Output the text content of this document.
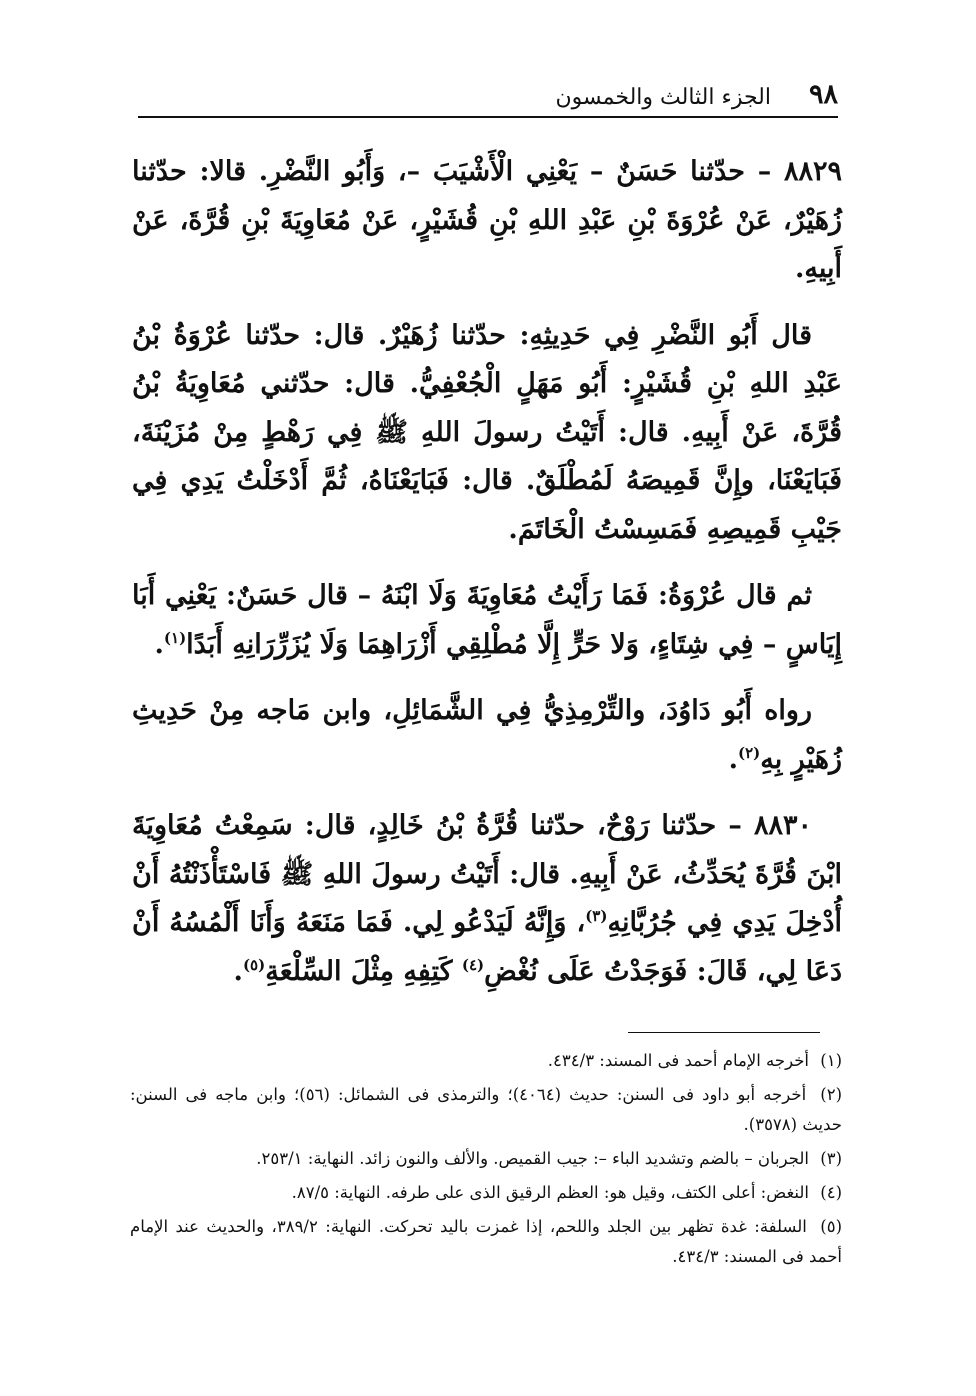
٩٨
الجزء الثالث والخمسون

٨٨٢٩ – حدّثنا حَسَنٌ – يَعْنِي الْأَشْيَبَ –، وَأَبُو النَّضْرِ. قالا: حدّثنا زُهَيْرٌ، عَنْ عُرْوَةَ بْنِ عَبْدِ اللهِ بْنِ قُشَيْرٍ، عَنْ مُعَاوِيَةَ بْنِ قُرَّةَ، عَنْ أَبِيهِ.

قال أَبُو النَّضْرِ فِي حَدِيثِهِ: حدّثنا زُهَيْرٌ. قال: حدّثنا عُرْوَةُ بْنُ عَبْدِ اللهِ بْنِ قُشَيْرٍ: أَبُو مَهَلٍ الْجُعْفِيُّ. قال: حدّثني مُعَاوِيَةُ بْنُ قُرَّةَ، عَنْ أَبِيهِ. قال: أَتَيْتُ رسولَ اللهِ ﷺ فِي رَهْطٍ مِنْ مُزَيْنَةَ، فَبَايَعْنَا، وإِنَّ قَمِيصَهُ لَمُطْلَقٌ. قال: فَبَايَعْنَاهُ، ثُمَّ أَدْخَلْتُ يَدِي فِي جَيْبِ قَمِيصِهِ فَمَسِسْتُ الْخَاتَمَ.

ثم قال عُرْوَةُ: فَمَا رَأَيْتُ مُعَاوِيَةَ وَلَا ابْنَهُ – قال حَسَنٌ: يَعْنِي أَبَا إِيَاسٍ – فِي شِتَاءٍ، وَلا حَرٍّ إِلَّا مُطْلِقِي أَزْرَاهِمَا وَلَا يُزَرِّرَانِهِ أَبَدًا$^{(١)}$.

رواه أَبُو دَاوُدَ، والتِّرْمِذِيُّ فِي الشَّمَائِلِ، وابن مَاجه مِنْ حَدِيثِ زُهَيْرٍ بِهِ$^{(٢)}$.

٨٨٣٠ – حدّثنا رَوْحٌ، حدّثنا قُرَّةُ بْنُ خَالِدٍ، قال: سَمِعْتُ مُعَاوِيَةَ ابْنَ قُرَّةَ يُحَدِّثُ، عَنْ أَبِيهِ. قال: أَتَيْتُ رسولَ اللهِ ﷺ فَاسْتَأْذَنْتُهُ أَنْ أُدْخِلَ يَدِي فِي جُرُبَّانِهِ$^{(٣)}$، وَإِنَّهُ لَيَدْعُو لِي. فَمَا مَنَعَهُ وَأَنَا أَلْمُسُهُ أَنْ دَعَا لِي، قَالَ: فَوَجَدْتُ عَلَى نُغْضِ$^{(٤)}$ كَتِفِهِ مِثْلَ السِّلْعَةِ$^{(٥)}$.

(١) أخرجه الإمام أحمد فى المسند: ٤٣٤/٣.
(٢) أخرجه أبو داود فى السنن: حديث (٤٠٦٤)؛ والترمذى فى الشمائل: (٥٦)؛ وابن ماجه فى السنن: حديث (٣٥٧٨).
(٣) الجربان – بالضم وتشديد الباء –: جيب القميص. والألف والنون زائد. النهاية: ٢٥٣/١.
(٤) النغض: أعلى الكتف، وقيل هو: العظم الرقيق الذى على طرفه. النهاية: ٨٧/٥.
(٥) السلفة: غدة تظهر بين الجلد واللحم، إذا غمزت باليد تحركت. النهاية: ٣٨٩/٢، والحديث عند الإمام أحمد فى المسند: ٤٣٤/٣.
